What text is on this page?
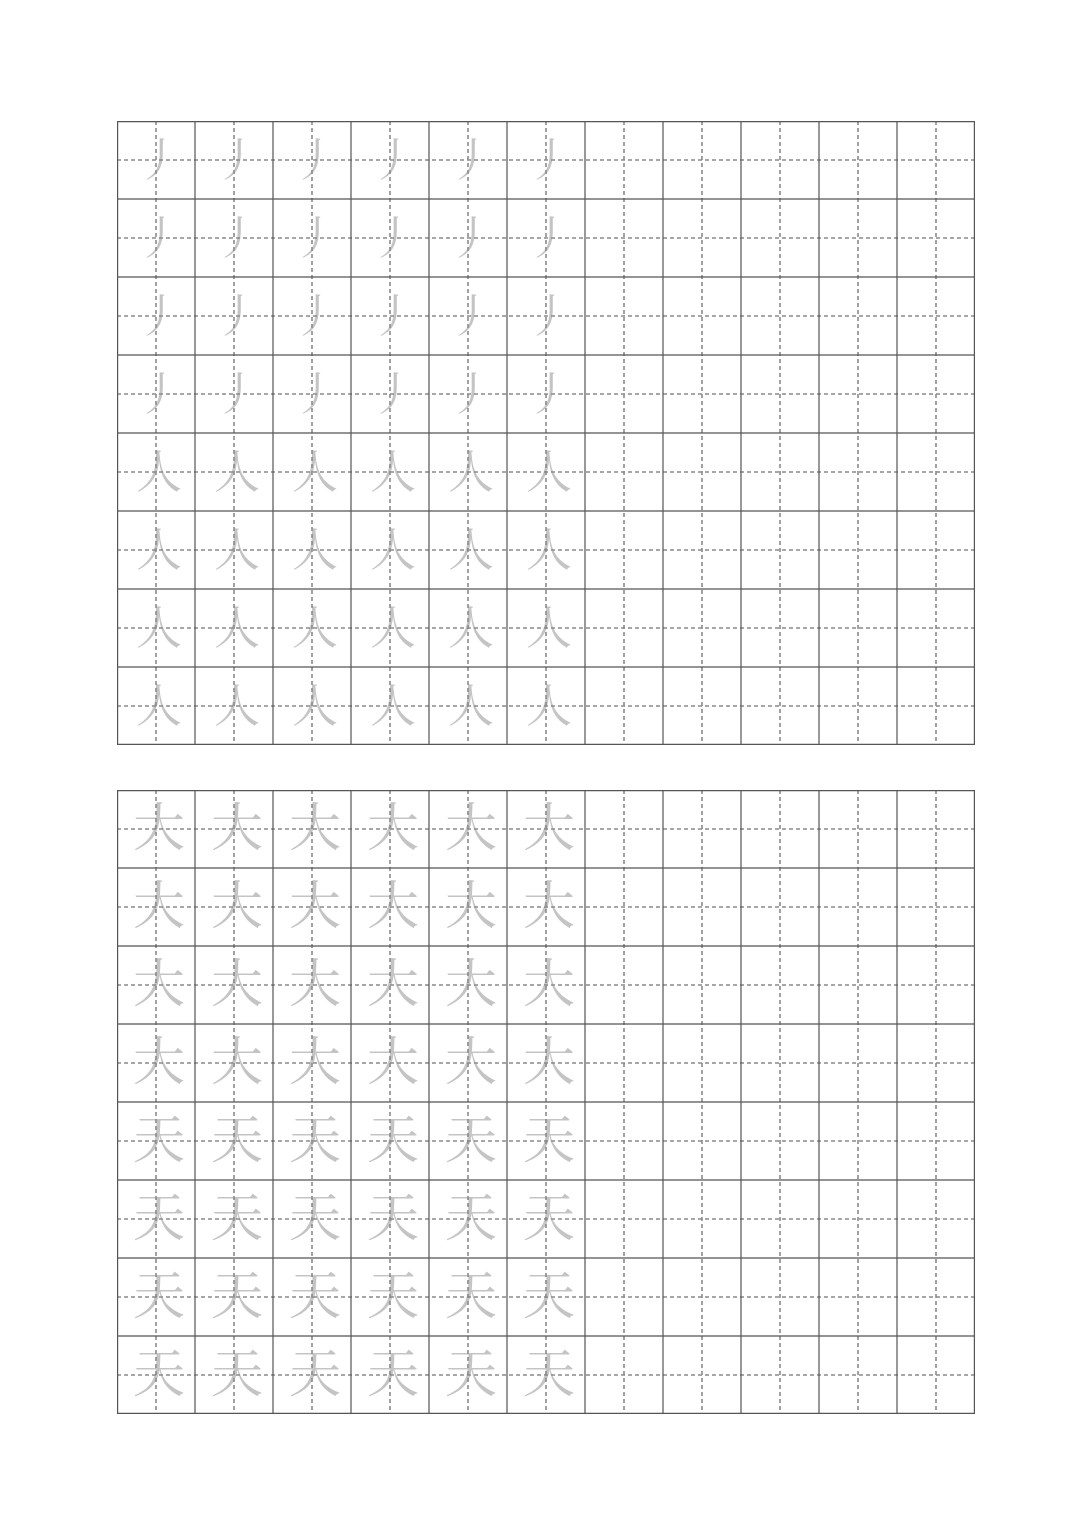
丿 丿 丿 丿 丿 丿
丿 丿 丿 丿 丿 丿
丿 丿 丿 丿 丿 丿
丿 丿 丿 丿 丿 丿
人 人 人 人 人 人
人 人 人 人 人 人
人 人 人 人 人 人
人 人 人 人 人 人
大 大 大 大 大 大
大 大 大 大 大 大
大 大 大 大 大 大
大 大 大 大 大 大
天 天 天 天 天 天
天 天 天 天 天 天
天 天 天 天 天 天
天 天 天 天 天 天
